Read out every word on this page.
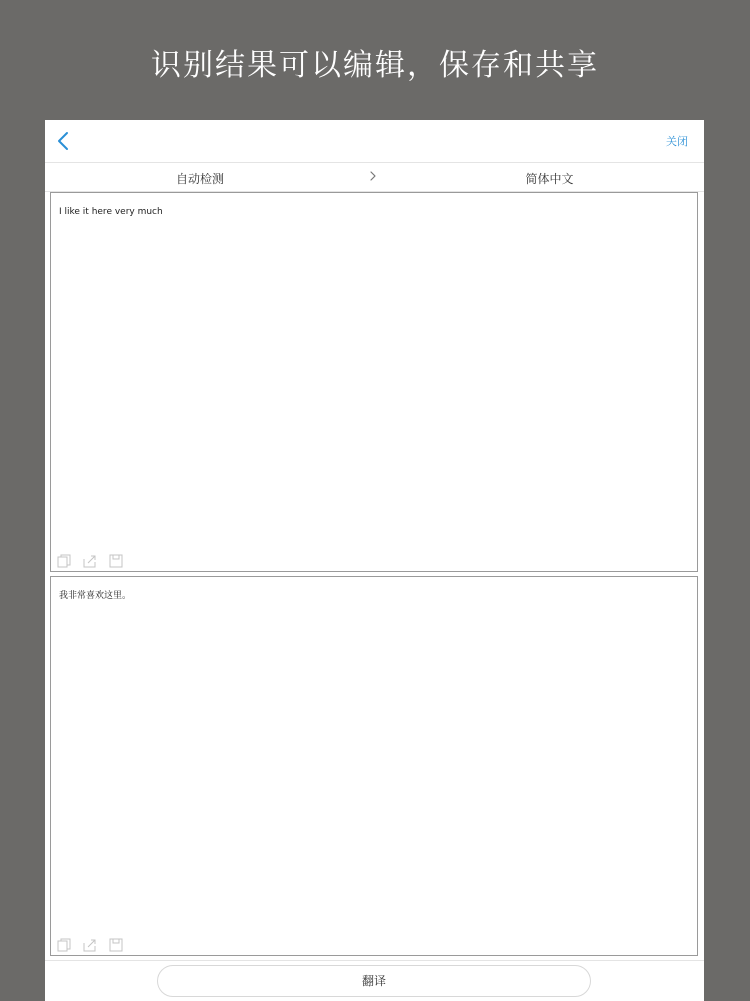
识别结果可以编辑，保存和共享
关闭
自动检测	简体中文
I like it here very much
我非常喜欢这里。
翻译
